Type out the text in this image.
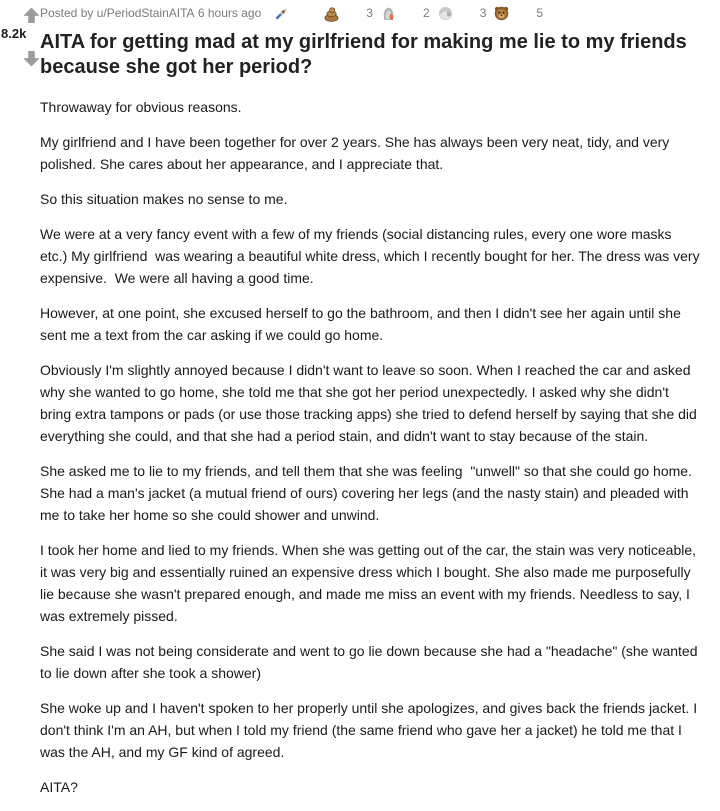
8.2k
Posted by u/PeriodStainAITA 6 hours ago

	3

	2

	3

	5
AITA for getting mad at my girlfriend for making me lie to my friends because she got her period?

Throwaway for obvious reasons.

My girlfriend and I have been together for over 2 years. She has always been very neat, tidy, and very polished. She cares about her appearance, and I appreciate that.

So this situation makes no sense to me.

We were at a very fancy event with a few of my friends (social distancing rules, every one wore masks etc.) My girlfriend  was wearing a beautiful white dress, which I recently bought for her. The dress was very expensive.  We were all having a good time.

However, at one point, she excused herself to go the bathroom, and then I didn't see her again until she sent me a text from the car asking if we could go home.

Obviously I'm slightly annoyed because I didn't want to leave so soon. When I reached the car and asked why she wanted to go home, she told me that she got her period unexpectedly. I asked why she didn't bring extra tampons or pads (or use those tracking apps) she tried to defend herself by saying that she did everything she could, and that she had a period stain, and didn't want to stay because of the stain.

She asked me to lie to my friends, and tell them that she was feeling  "unwell" so that she could go home. She had a man's jacket (a mutual friend of ours) covering her legs (and the nasty stain) and pleaded with me to take her home so she could shower and unwind.

I took her home and lied to my friends. When she was getting out of the car, the stain was very noticeable, it was very big and essentially ruined an expensive dress which I bought. She also made me purposefully lie because she wasn't prepared enough, and made me miss an event with my friends. Needless to say, I was extremely pissed.

She said I was not being considerate and went to go lie down because she had a "headache" (she wanted to lie down after she took a shower)

She woke up and I haven't spoken to her properly until she apologizes, and gives back the friends jacket. I don't think I'm an AH, but when I told my friend (the same friend who gave her a jacket) he told me that I was the AH, and my GF kind of agreed.

AITA?
